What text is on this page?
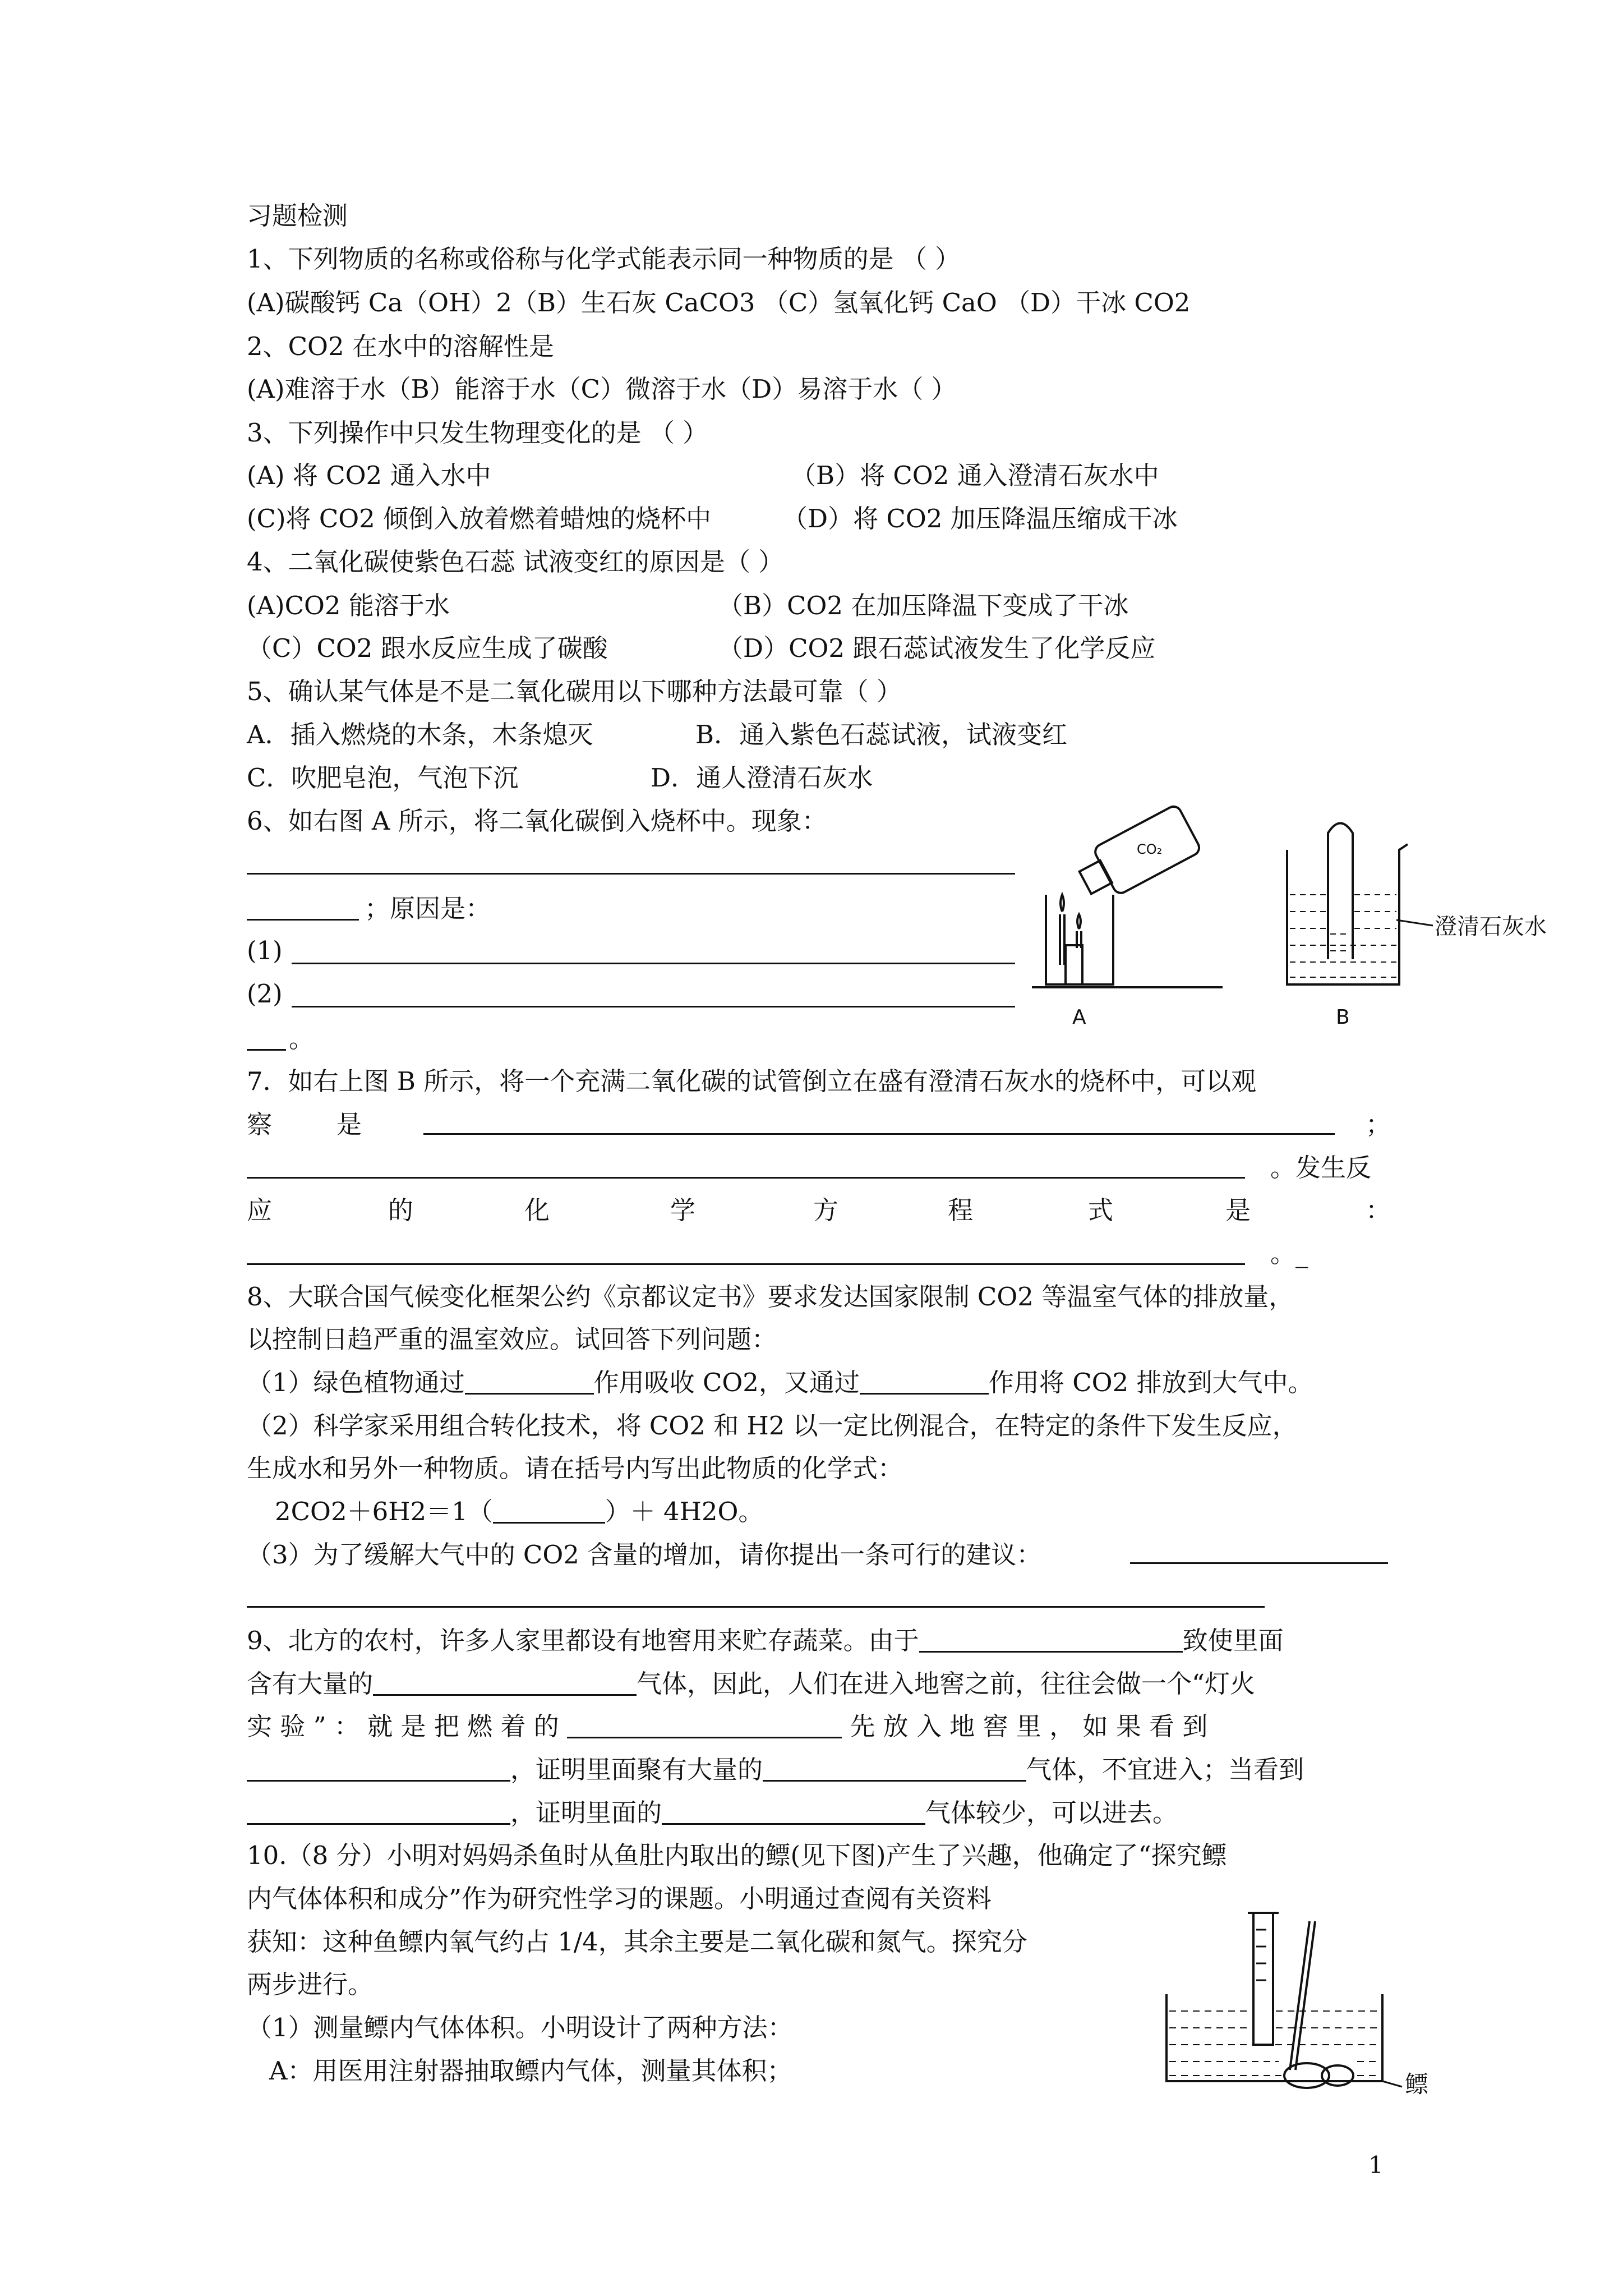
习题检测
1、下列物质的名称或俗称与化学式能表示同一种物质的是 （ ）
(A)碳酸钙 Ca（OH）2（B）生石灰 CaCO3 （C）氢氧化钙 CaO （D）干冰 CO2
2、CO2 在水中的溶解性是
(A)难溶于水（B）能溶于水（C）微溶于水（D）易溶于水（ ）
3、下列操作中只发生物理变化的是 （ ）
(A) 将 CO2 通入水中	（B）将 CO2 通入澄清石灰水中
(C)将 CO2 倾倒入放着燃着蜡烛的烧杯中	（D）将 CO2 加压降温压缩成干冰
4、二氧化碳使紫色石蕊 试液变红的原因是（ ）
(A)CO2 能溶于水	（B）CO2 在加压降温下变成了干冰
（C）CO2 跟水反应生成了碳酸	（D）CO2 跟石蕊试液发生了化学反应
5、确认某气体是不是二氧化碳用以下哪种方法最可靠（ ）
A．插入燃烧的木条，木条熄灭	B．通入紫色石蕊试液，试液变红
C．吹肥皂泡，气泡下沉	D．通人澄清石灰水
6、如右图 A 所示，将二氧化碳倒入烧杯中。现象：
；原因是：
(1)
(2)
。
CO₂
A
澄清石灰水
B
7．如右上图 B 所示，将一个充满二氧化碳的试管倒立在盛有澄清石灰水的烧杯中，可以观
察	是	；
。发生反
应	的	化	学	方	程	式	是	：
。_
8、大联合国气候变化框架公约《京都议定书》要求发达国家限制 CO2 等温室气体的排放量，
以控制日趋严重的温室效应。试回答下列问题：
（1）绿色植物通过	作用吸收 CO2，又通过	作用将 CO2 排放到大气中。
（2）科学家采用组合转化技术，将 CO2 和 H2 以一定比例混合，在特定的条件下发生反应，
生成水和另外一种物质。请在括号内写出此物质的化学式：
2CO2＋6H2＝1（	）＋ 4H2O。
（3）为了缓解大气中的 CO2 含量的增加，请你提出一条可行的建议：
9、北方的农村，许多人家里都设有地窖用来贮存蔬菜。由于	致使里面
含有大量的	气体，因此，人们在进入地窖之前，往往会做一个“灯火
实 验 ” ： 就 是 把 燃 着 的	先 放 入 地 窖 里 ， 如 果 看 到
，证明里面聚有大量的	气体，不宜进入；当看到
，证明里面的	气体较少，可以进去。
10.（8 分）小明对妈妈杀鱼时从鱼肚内取出的鳔(见下图)产生了兴趣，他确定了“探究鳔
内气体体积和成分”作为研究性学习的课题。小明通过查阅有关资料
获知：这种鱼鳔内氧气约占 1/4，其余主要是二氧化碳和氮气。探究分
两步进行。
（1）测量鳔内气体体积。小明设计了两种方法：
A：用医用注射器抽取鳔内气体，测量其体积；	鳔
1
